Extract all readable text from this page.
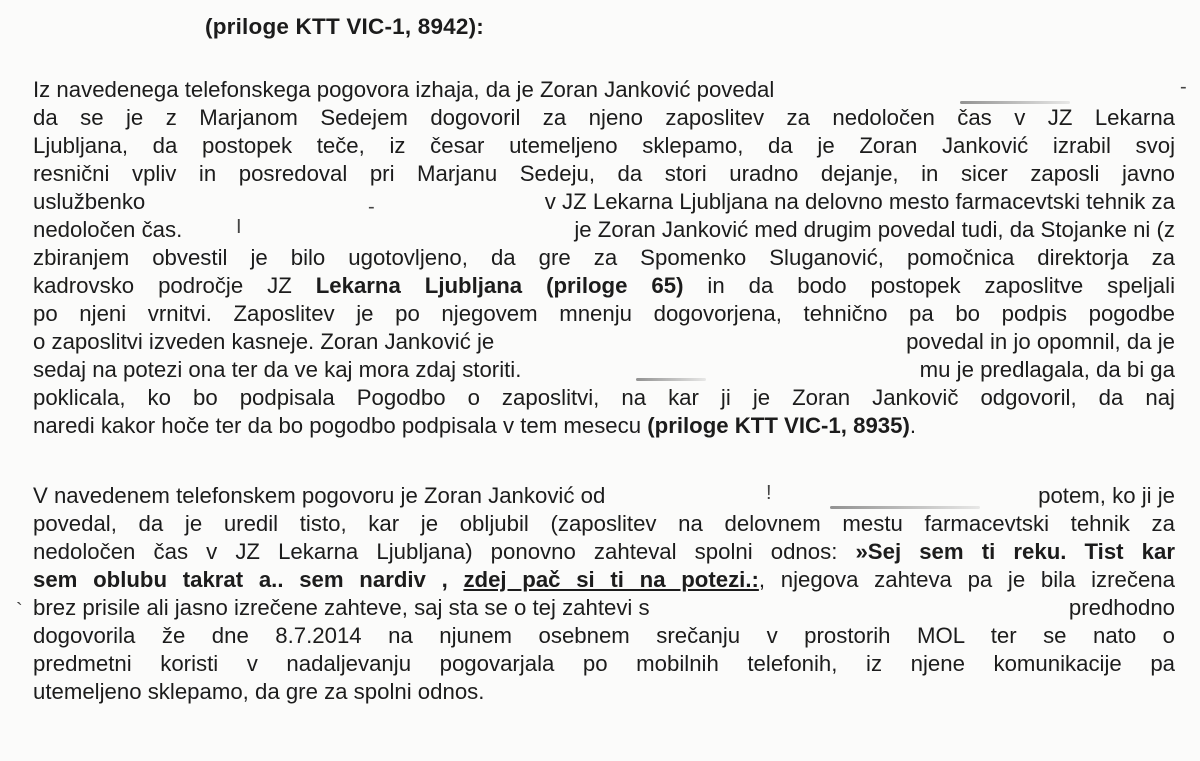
(priloge KTT VIC-1, 8942):
Iz navedenega telefonskega pogovora izhaja, da je Zoran Janković povedal	-
da se je z Marjanom Sedejem dogovoril za njeno zaposlitev za nedoločen čas v JZ Lekarna
Ljubljana, da postopek teče, iz česar utemeljeno sklepamo, da je Zoran Janković izrabil svoj
resnični vpliv in posredoval pri Marjanu Sedeju, da stori uradno dejanje, in sicer zaposli javno
uslužbenko	v JZ Lekarna Ljubljana na delovno mesto farmacevtski tehnik za
-
nedoločen čas.	je Zoran Janković med drugim povedal tudi, da Stojanke ni (z
I
zbiranjem obvestil je bilo ugotovljeno, da gre za Spomenko Sluganović, pomočnica direktorja za
kadrovsko področje JZ Lekarna Ljubljana (priloge 65) in da bodo postopek zaposlitve speljali
po njeni vrnitvi. Zaposlitev je po njegovem mnenju dogovorjena, tehnično pa bo podpis pogodbe
o zaposlitvi izveden kasneje. Zoran Janković je	povedal in jo opomnil, da je
sedaj na potezi ona ter da ve kaj mora zdaj storiti.	mu je predlagala, da bi ga
poklicala, ko bo podpisala Pogodbo o zaposlitvi, na kar ji je Zoran Jankovič odgovoril, da naj
naredi kakor hoče ter da bo pogodbo podpisala v tem mesecu (priloge KTT VIC-1, 8935).
V navedenem telefonskem pogovoru je Zoran Janković od	potem, ko ji je
!
povedal, da je uredil tisto, kar je obljubil (zaposlitev na delovnem mestu farmacevtski tehnik za
nedoločen čas v JZ Lekarna Ljubljana) ponovno zahteval spolni odnos: »Sej sem ti reku. Tist kar
sem oblubu takrat a.. sem nardiv , zdej pač si ti na potezi.:, njegova zahteva pa je bila izrečena
` brez prisile ali jasno izrečene zahteve, saj sta se o tej zahtevi s	predhodno
dogovorila že dne 8.7.2014 na njunem osebnem srečanju v prostorih MOL ter se nato o
predmetni koristi v nadaljevanju pogovarjala po mobilnih telefonih, iz njene komunikacije pa
utemeljeno sklepamo, da gre za spolni odnos.
